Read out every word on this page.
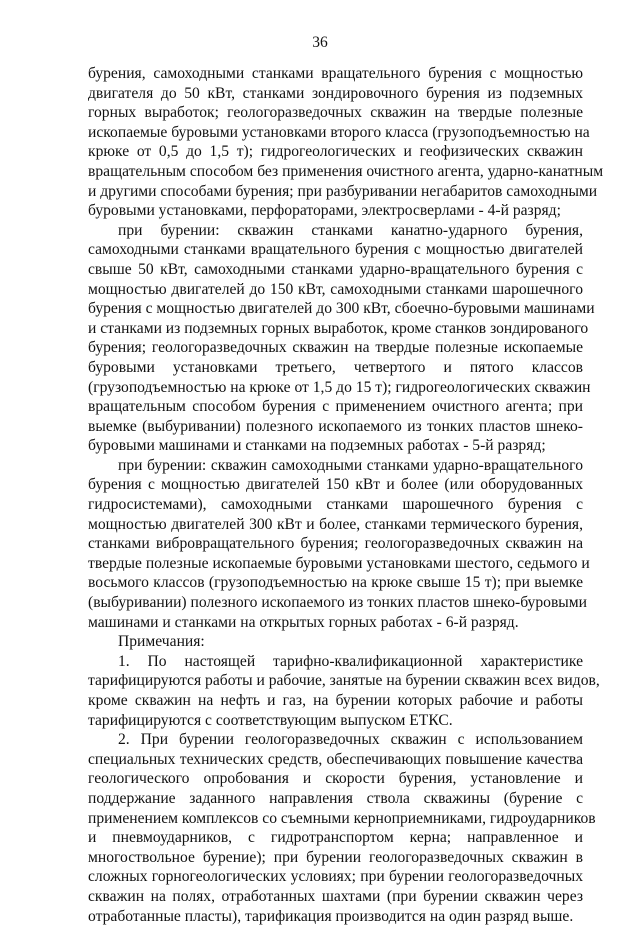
36
бурения, самоходными станками вращательного бурения с мощностью
двигателя до 50 кВт, станками зондировочного бурения из подземных
горных выработок; геологоразведочных скважин на твердые полезные
ископаемые буровыми установками второго класса (грузоподъемностью на
крюке от 0,5 до 1,5 т); гидрогеологических и геофизических скважин
вращательным способом без применения очистного агента, ударно-канатным
и другими способами бурения; при разбуривании негабаритов самоходными
буровыми установками, перфораторами, электросверлами - 4-й разряд;
при бурении: скважин станками канатно-ударного бурения,
самоходными станками вращательного бурения с мощностью двигателей
свыше 50 кВт, самоходными станками ударно-вращательного бурения с
мощностью двигателей до 150 кВт, самоходными станками шарошечного
бурения с мощностью двигателей до 300 кВт, сбоечно-буровыми машинами
и станками из подземных горных выработок, кроме станков зондированого
бурения; геологоразведочных скважин на твердые полезные ископаемые
буровыми установками третьего, четвертого и пятого классов
(грузоподъемностью на крюке от 1,5 до 15 т); гидрогеологических скважин
вращательным способом бурения с применением очистного агента; при
выемке (выбуривании) полезного ископаемого из тонких пластов шнеко-
буровыми машинами и станками на подземных работах - 5-й разряд;
при бурении: скважин самоходными станками ударно-вращательного
бурения с мощностью двигателей 150 кВт и более (или оборудованных
гидросистемами), самоходными станками шарошечного бурения с
мощностью двигателей 300 кВт и более, станками термического бурения,
станками вибровращательного бурения; геологоразведочных скважин на
твердые полезные ископаемые буровыми установками шестого, седьмого и
восьмого классов (грузоподъемностью на крюке свыше 15 т); при выемке
(выбуривании) полезного ископаемого из тонких пластов шнеко-буровыми
машинами и станками на открытых горных работах - 6-й разряд.
Примечания:
1. По настоящей тарифно-квалификационной характеристике
тарифицируются работы и рабочие, занятые на бурении скважин всех видов,
кроме скважин на нефть и газ, на бурении которых рабочие и работы
тарифицируются с соответствующим выпуском ЕТКС.
2. При бурении геологоразведочных скважин с использованием
специальных технических средств, обеспечивающих повышение качества
геологического опробования и скорости бурения, установление и
поддержание заданного направления ствола скважины (бурение с
применением комплексов со съемными керноприемниками, гидроударников
и пневмоударников, с гидротранспортом керна; направленное и
многоствольное бурение); при бурении геологоразведочных скважин в
сложных горногеологических условиях; при бурении геологоразведочных
скважин на полях, отработанных шахтами (при бурении скважин через
отработанные пласты), тарификация производится на один разряд выше.
